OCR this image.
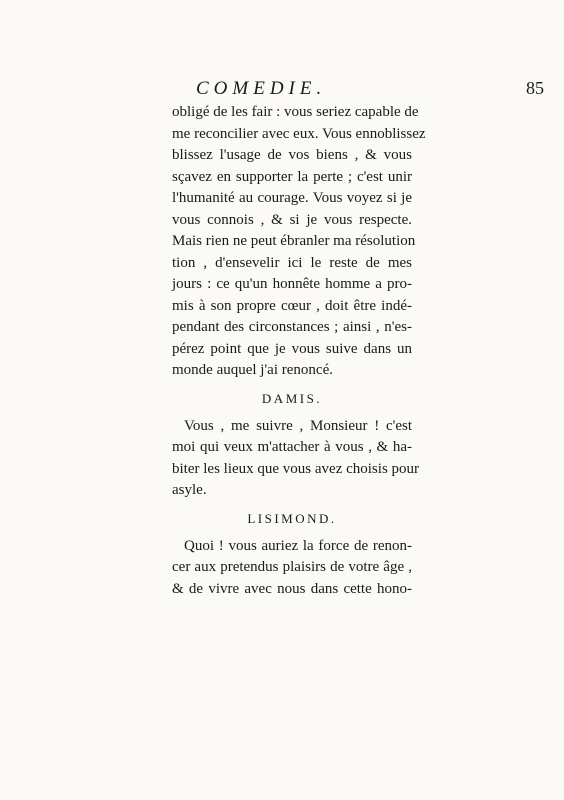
COMEDIE.	85
obligé de les fair : vous seriez capable de
me reconcilier avec eux. Vous ennoblissez
blissez l'usage de vos biens , & vous
sçavez en supporter la perte ; c'est unir
l'humanité au courage. Vous voyez si je
vous connois , & si je vous respecte.
Mais rien ne peut ébranler ma résolution
tion , d'ensevelir ici le reste de mes
jours : ce qu'un honnête homme a pro-
mis à son propre cœur , doit être indé-
pendant des circonstances ; ainsi , n'es-
pérez point que je vous suive dans un
monde auquel j'ai renoncé.
DAMIS.
Vous , me suivre , Monsieur ! c'est
moi qui veux m'attacher à vous , & ha-
biter les lieux que vous avez choisis pour
asyle.
LISIMOND.
Quoi ! vous auriez la force de renon-
cer aux pretendus plaisirs de votre âge ,
& de vivre avec nous dans cette hono-
